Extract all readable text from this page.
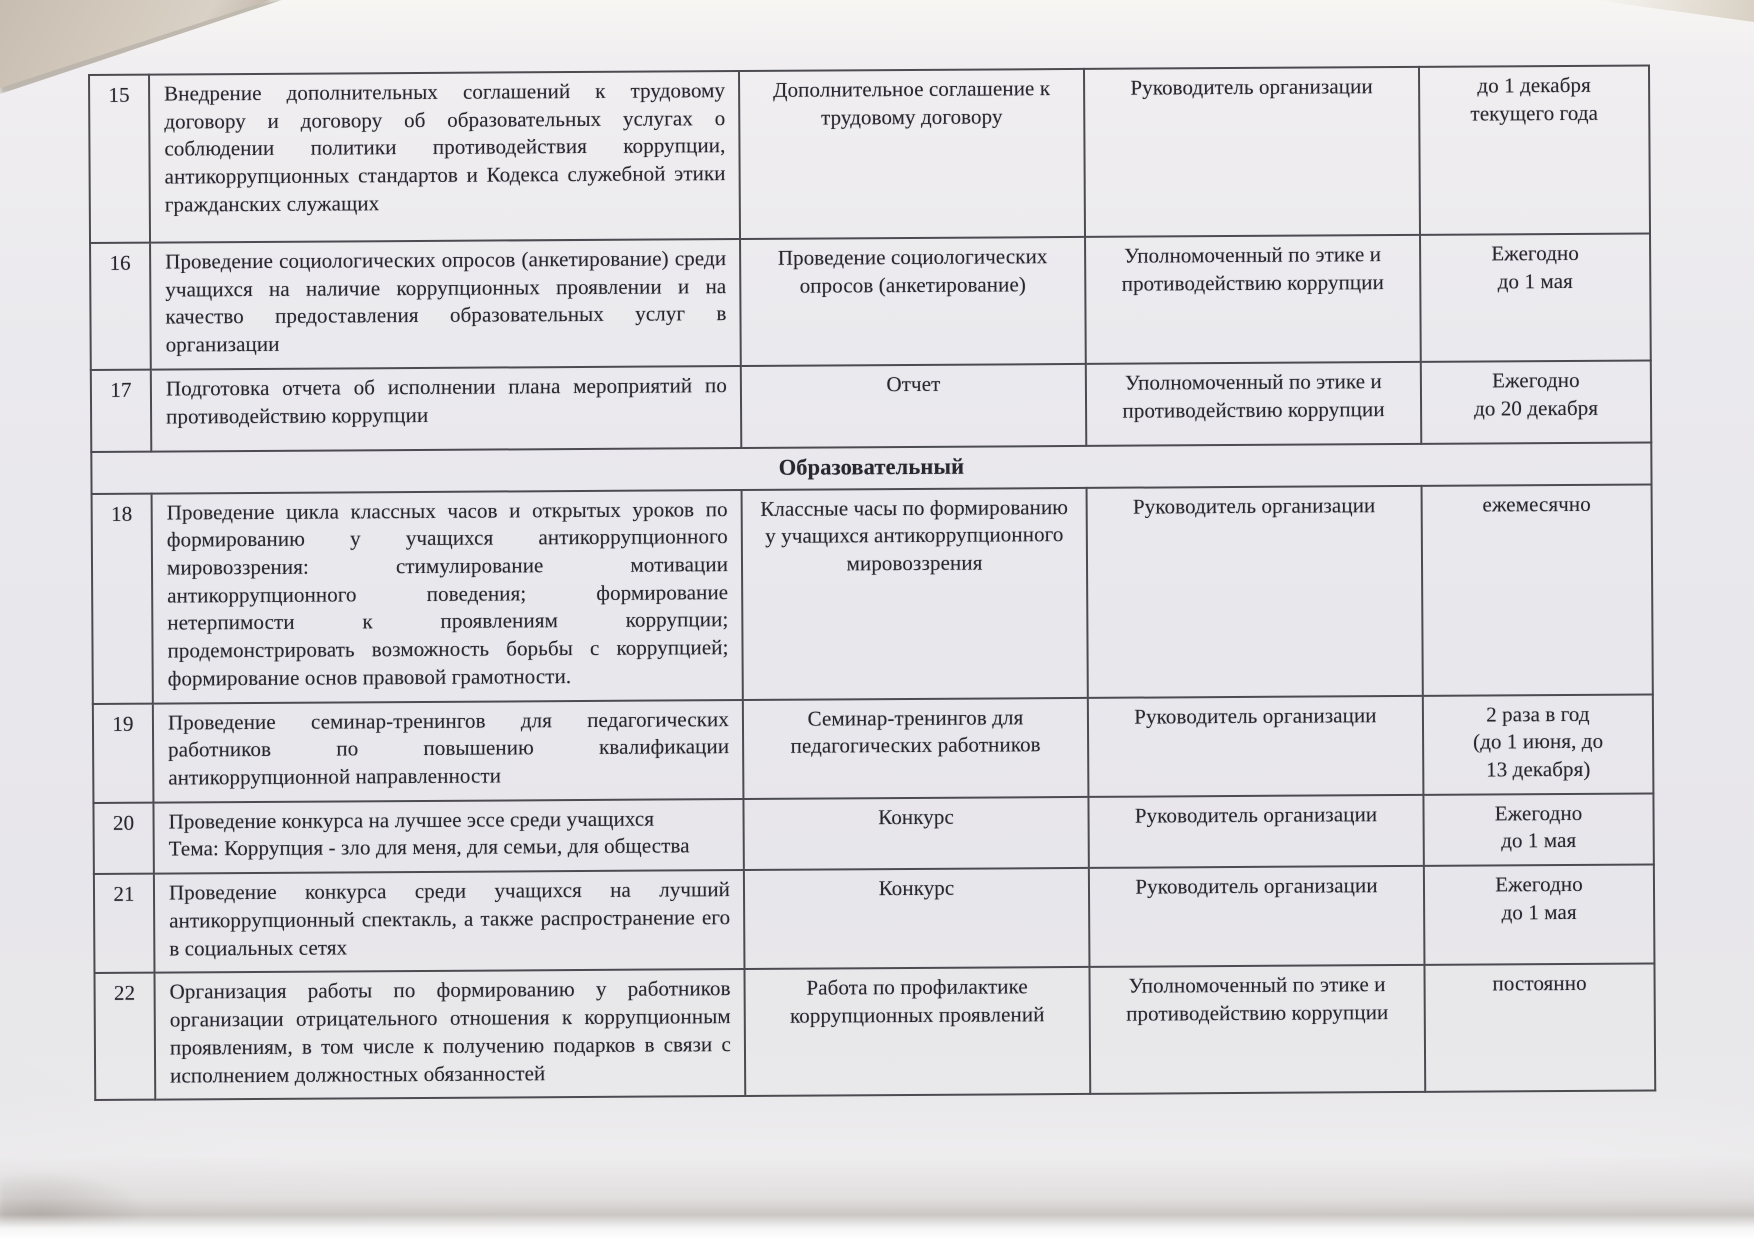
15	Внедрение дополнительных соглашений к трудовому договору и договору об образовательных услугах о соблюдении политики противодействия коррупции, антикоррупционных стандартов и Кодекса служебной этики гражданских служащих	Дополнительное соглашение к
трудовому договору	Руководитель организации	до 1 декабря
текущего года
16	Проведение социологических опросов (анкетирование) среди учащихся на наличие коррупционных проявлении и на качество предоставления образовательных услуг в организации	Проведение социологических
опросов (анкетирование)	Уполномоченный по этике и
противодействию коррупции	Ежегодно
до 1 мая
17	Подготовка отчета об исполнении плана мероприятий по противодействию коррупции	Отчет	Уполномоченный по этике и
противодействию коррупции	Ежегодно
до 20 декабря
Образовательный				
18	Проведение цикла классных часов и открытых уроков по формированию у учащихся антикоррупционного мировоззрения: стимулирование мотивации антикоррупционного поведения; формирование нетерпимости к проявлениям коррупции; продемонстрировать возможность борьбы с коррупцией; формирование основ правовой грамотности.	Классные часы по формированию
у учащихся антикоррупционного
мировоззрения	Руководитель организации	ежемесячно
19	Проведение семинар-тренингов для педагогических работников по повышению квалификации антикоррупционной направленности	Семинар-тренингов для
педагогических работников	Руководитель организации	2 раза в год
(до 1 июня, до
13 декабря)
20	Проведение конкурса на лучшее эссе среди учащихся
Тема: Коррупция - зло для меня, для семьи, для общества	Конкурс	Руководитель организации	Ежегодно
до 1 мая
21	Проведение конкурса среди учащихся на лучший антикоррупционный спектакль, а также распространение его в социальных сетях	Конкурс	Руководитель организации	Ежегодно
до 1 мая
22	Организация работы по формированию у работников организации отрицательного отношения к коррупционным проявлениям, в том числе к получению подарков в связи с исполнением должностных обязанностей	Работа по профилактике
коррупционных проявлений	Уполномоченный по этике и
противодействию коррупции	постоянно
